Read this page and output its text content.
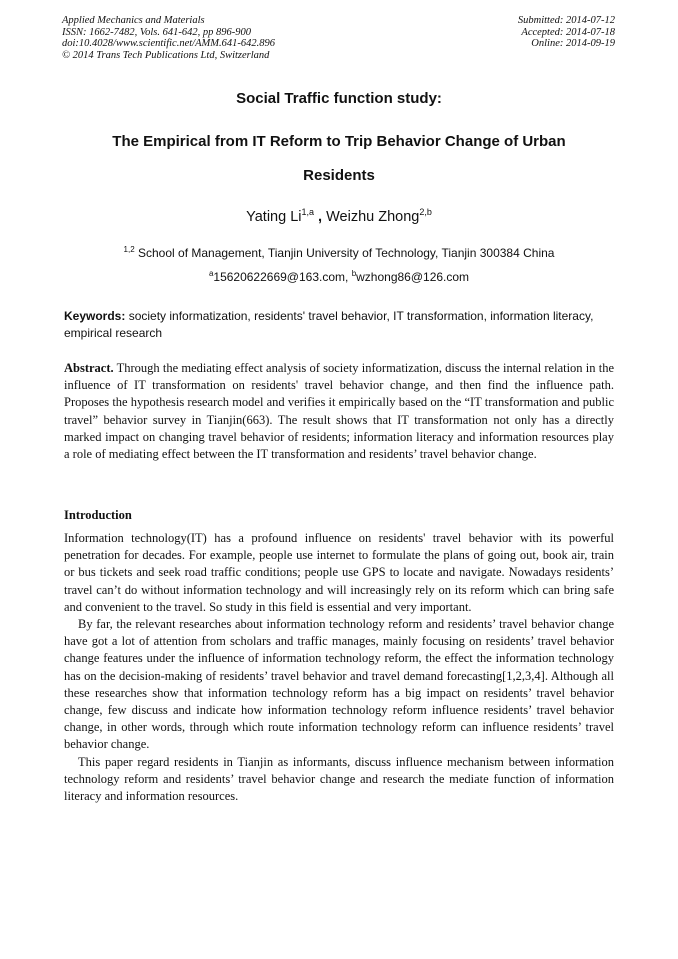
Applied Mechanics and Materials
ISSN: 1662-7482, Vols. 641-642, pp 896-900
doi:10.4028/www.scientific.net/AMM.641-642.896
© 2014 Trans Tech Publications Ltd, Switzerland
Submitted: 2014-07-12
Accepted: 2014-07-18
Online: 2014-09-19
Social Traffic function study:
The Empirical from IT Reform to Trip Behavior Change of Urban
Residents
Yating Li$^{1,a}$ , Weizhu Zhong$^{2,b}$
$^{1,2}$ School of Management, Tianjin University of Technology, Tianjin 300384 China
$^a$15620622669@163.com, $^b$wzhong86@126.com
Keywords: society informatization, residents' travel behavior, IT transformation, information literacy, empirical research

Abstract. Through the mediating effect analysis of society informatization, discuss the internal relation in the influence of IT transformation on residents' travel behavior change, and then find the influence path. Proposes the hypothesis research model and verifies it empirically based on the “IT transformation and public travel” behavior survey in Tianjin(663). The result shows that IT transformation not only has a directly marked impact on changing travel behavior of residents; information literacy and information resources play a role of mediating effect between the IT transformation and residents’ travel behavior change.

Introduction

Information technology(IT) has a profound influence on residents' travel behavior with its powerful penetration for decades. For example, people use internet to formulate the plans of going out, book air, train or bus tickets and seek road traffic conditions; people use GPS to locate and navigate. Nowadays residents’ travel can’t do without information technology and will increasingly rely on its reform which can bring safe and convenient to the travel. So study in this field is essential and very important.

By far, the relevant researches about information technology reform and residents’ travel behavior change have got a lot of attention from scholars and traffic manages, mainly focusing on residents’ travel behavior change features under the influence of information technology reform, the effect the information technology has on the decision-making of residents’ travel behavior and travel demand forecasting[1,2,3,4]. Although all these researches show that information technology reform has a big impact on residents’ travel behavior change, few discuss and indicate how information technology reform influence residents’ travel behavior change, in other words, through which route information technology reform can influence residents’ travel behavior change.

This paper regard residents in Tianjin as informants, discuss influence mechanism between information technology reform and residents’ travel behavior change and research the mediate function of information literacy and information resources.
